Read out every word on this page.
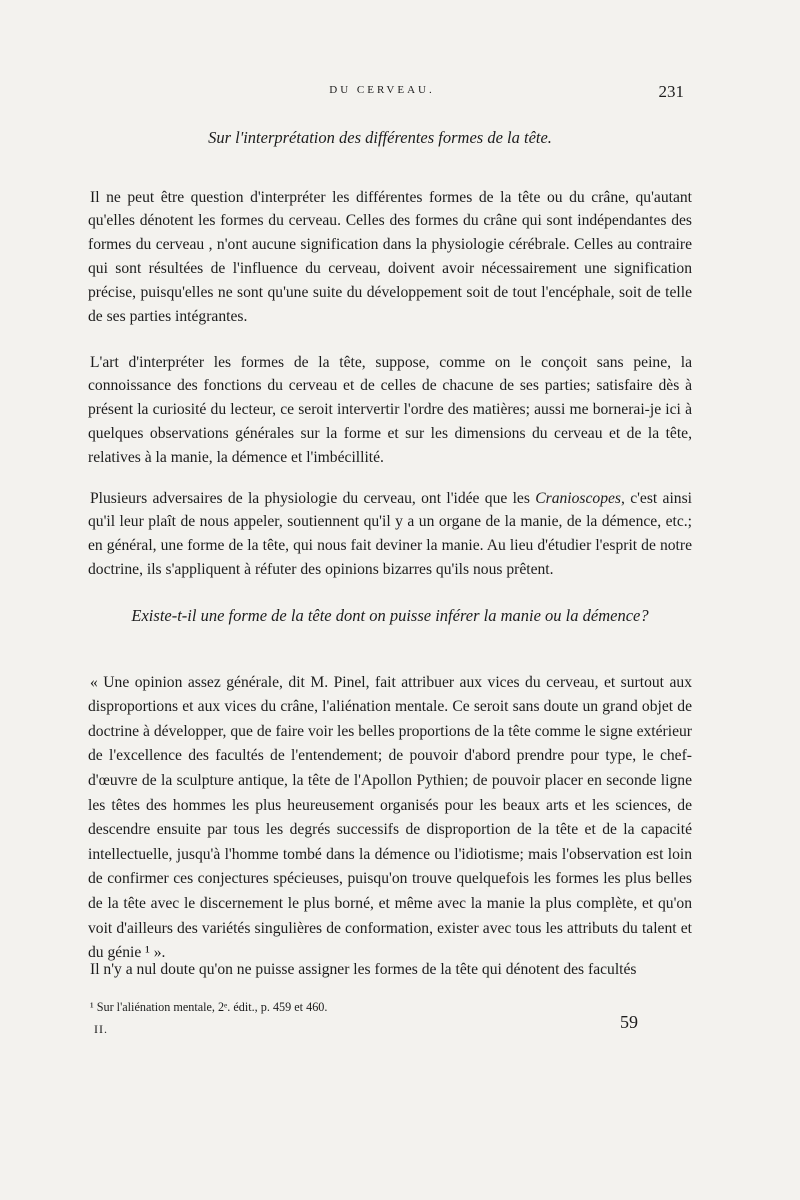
DU CERVEAU.	231
Sur l'interprétation des différentes formes de la tête.

Il ne peut être question d'interpréter les différentes formes de la tête ou du crâne, qu'autant qu'elles dénotent les formes du cerveau. Celles des formes du crâne qui sont indépendantes des formes du cerveau , n'ont aucune signification dans la physiologie cérébrale. Celles au contraire qui sont résultées de l'influence du cerveau, doivent avoir nécessairement une signification précise, puisqu'elles ne sont qu'une suite du développement soit de tout l'encéphale, soit de telle de ses parties intégrantes.

L'art d'interpréter les formes de la tête, suppose, comme on le conçoit sans peine, la connoissance des fonctions du cerveau et de celles de chacune de ses parties; satisfaire dès à présent la curiosité du lecteur, ce seroit intervertir l'ordre des matières; aussi me bornerai-je ici à quelques observations générales sur la forme et sur les dimensions du cerveau et de la tête, relatives à la manie, la démence et l'imbécillité.

Plusieurs adversaires de la physiologie du cerveau, ont l'idée que les Cranioscopes, c'est ainsi qu'il leur plaît de nous appeler, soutiennent qu'il y a un organe de la manie, de la démence, etc.; en général, une forme de la tête, qui nous fait deviner la manie. Au lieu d'étudier l'esprit de notre doctrine, ils s'appliquent à réfuter des opinions bizarres qu'ils nous prêtent.

Existe-t-il une forme de la tête dont on puisse inférer la manie ou la démence?

« Une opinion assez générale, dit M. Pinel, fait attribuer aux vices du cerveau, et surtout aux disproportions et aux vices du crâne, l'aliénation mentale. Ce seroit sans doute un grand objet de doctrine à développer, que de faire voir les belles proportions de la tête comme le signe extérieur de l'excellence des facultés de l'entendement; de pouvoir d'abord prendre pour type, le chef-d'œuvre de la sculpture antique, la tête de l'Apollon Pythien; de pouvoir placer en seconde ligne les têtes des hommes les plus heureusement organisés pour les beaux arts et les sciences, de descendre ensuite par tous les degrés successifs de disproportion de la tête et de la capacité intellectuelle, jusqu'à l'homme tombé dans la démence ou l'idiotisme; mais l'observation est loin de confirmer ces conjectures spécieuses, puisqu'on trouve quelquefois les formes les plus belles de la tête avec le discernement le plus borné, et même avec la manie la plus complète, et qu'on voit d'ailleurs des variétés singulières de conformation, exister avec tous les attributs du talent et du génie ¹ ».

Il n'y a nul doute qu'on ne puisse assigner les formes de la tête qui dénotent des facultés

¹ Sur l'aliénation mentale, 2ᵉ. édit., p. 459 et 460.
II.	59
